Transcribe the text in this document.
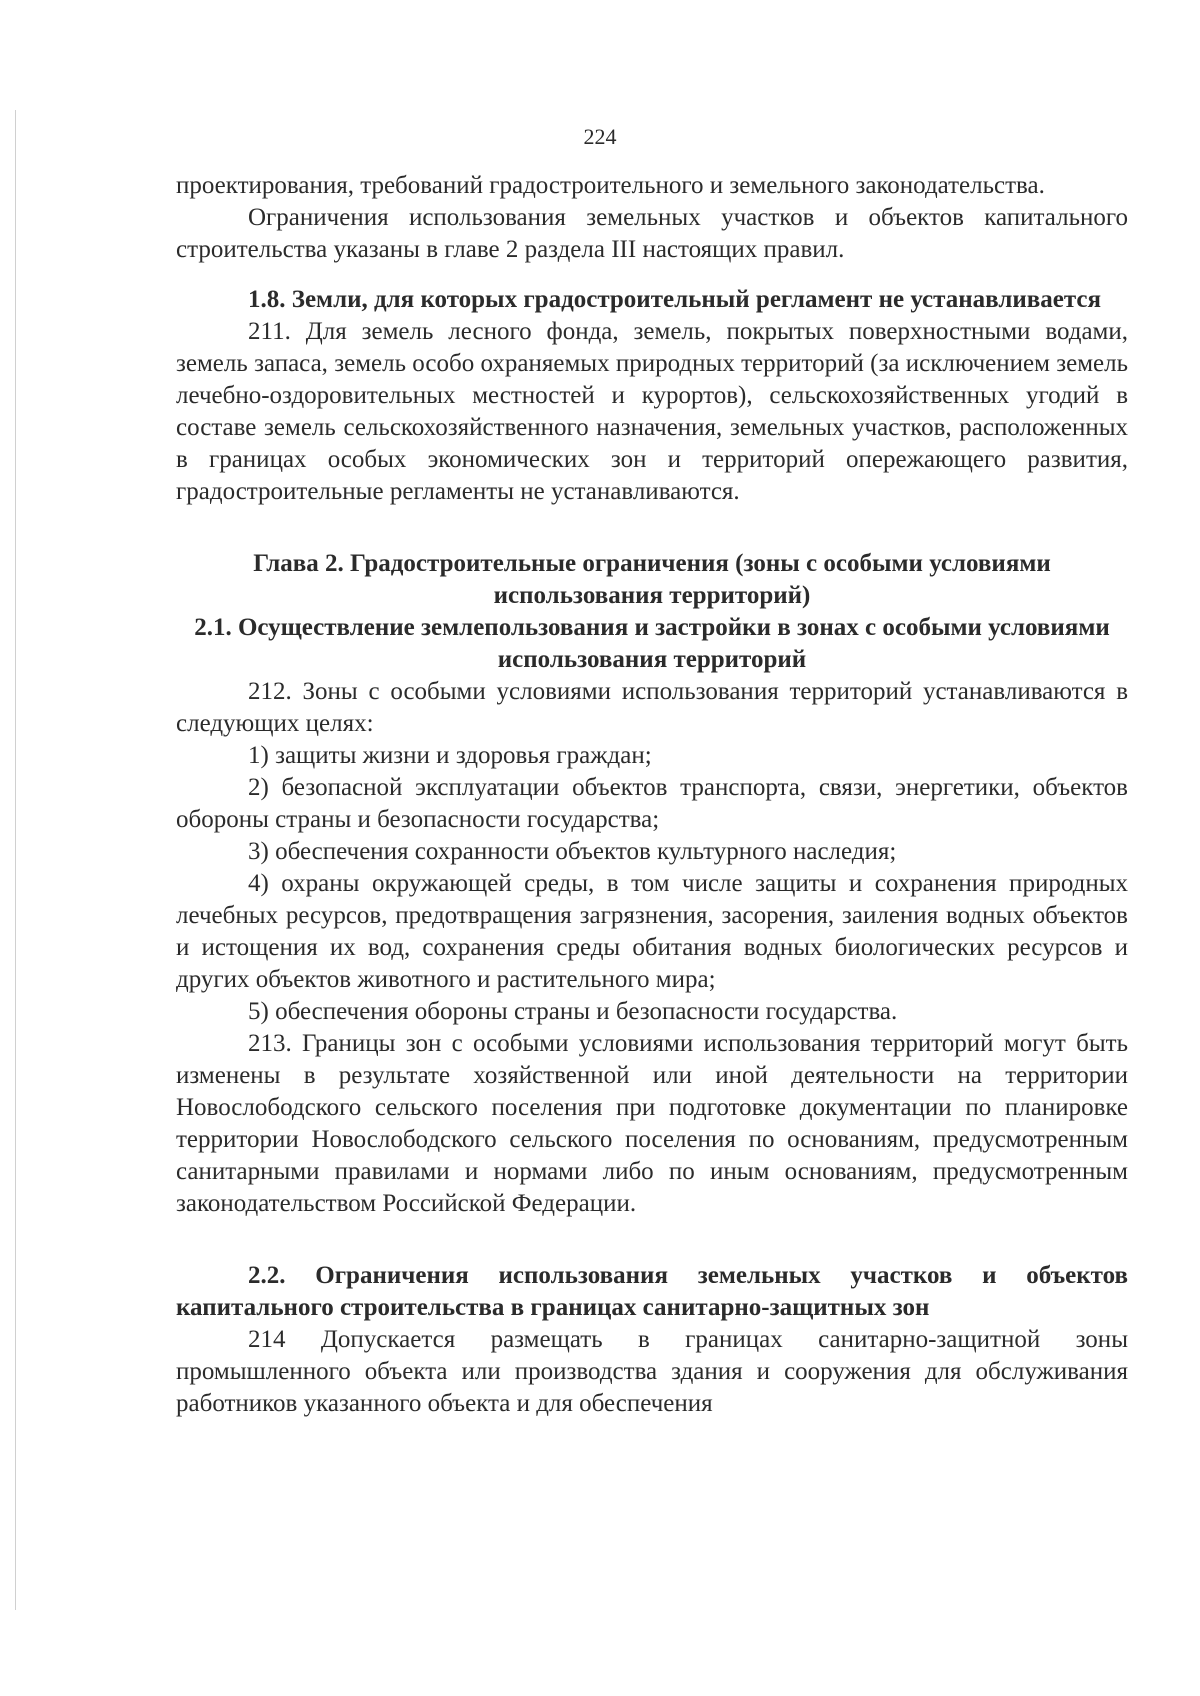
224

проектирования, требований градостроительного и земельного законодательства.

Ограничения использования земельных участков и объектов капитального строительства указаны в главе 2 раздела III настоящих правил.

1.8. Земли, для которых градостроительный регламент не устанавливается

211. Для земель лесного фонда, земель, покрытых поверхностными водами, земель запаса, земель особо охраняемых природных территорий (за исключением земель лечебно-оздоровительных местностей и курортов), сельскохозяйственных угодий в составе земель сельскохозяйственного назначения, земельных участков, расположенных в границах особых экономических зон и территорий опережающего развития, градостроительные регламенты не устанавливаются.

Глава 2. Градостроительные ограничения (зоны с особыми условиями использования территорий)

2.1. Осуществление землепользования и застройки в зонах с особыми условиями использования территорий

212. Зоны с особыми условиями использования территорий устанавливаются в следующих целях:

1) защиты жизни и здоровья граждан;

2) безопасной эксплуатации объектов транспорта, связи, энергетики, объектов обороны страны и безопасности государства;

3) обеспечения сохранности объектов культурного наследия;

4) охраны окружающей среды, в том числе защиты и сохранения природных лечебных ресурсов, предотвращения загрязнения, засорения, заиления водных объектов и истощения их вод, сохранения среды обитания водных биологических ресурсов и других объектов животного и растительного мира;

5) обеспечения обороны страны и безопасности государства.

213. Границы зон с особыми условиями использования территорий могут быть изменены в результате хозяйственной или иной деятельности на территории Новослободского сельского поселения при подготовке документации по планировке территории Новослободского сельского поселения по основаниям, предусмотренным санитарными правилами и нормами либо по иным основаниям, предусмотренным законодательством Российской Федерации.

2.2. Ограничения использования земельных участков и объектов капитального строительства в границах санитарно-защитных зон

214 Допускается размещать в границах санитарно-защитной зоны промышленного объекта или производства здания и сооружения для обслуживания работников указанного объекта и для обеспечения
